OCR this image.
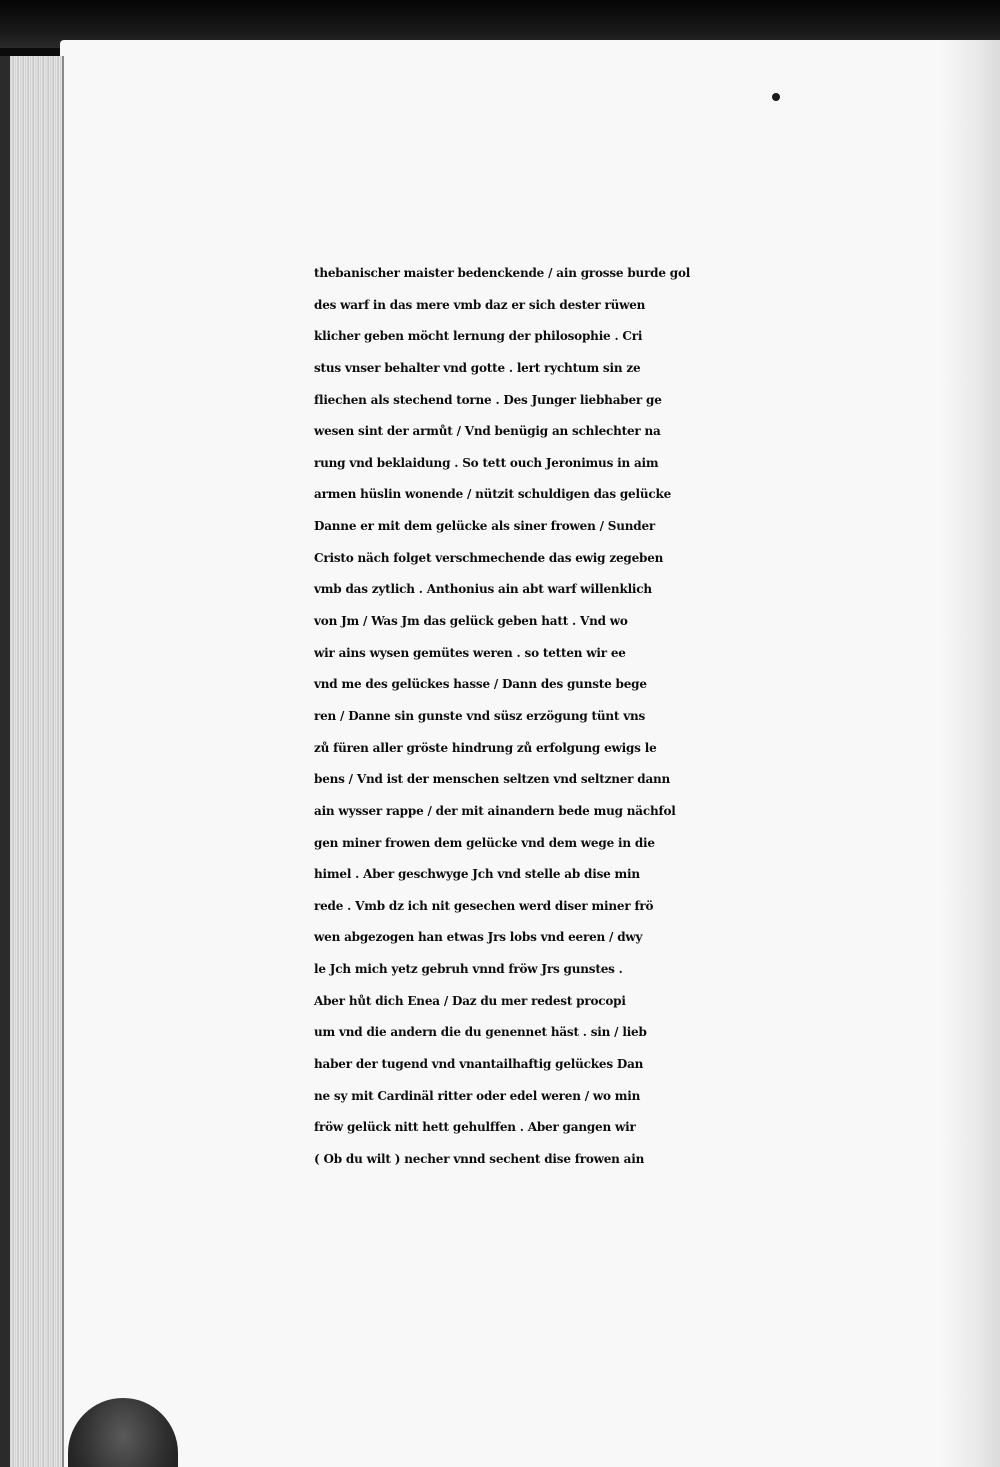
thebanischer maister bedenckende / ain grosse burde gol
des warf in das mere vmb daz er sich dester rüwen
klicher geben möcht lernung der philosophie . Cri
stus vnser behalter vnd gotte . lert rychtum sin ze
fliechen als stechend torne . Des Junger liebhaber ge
wesen sint der armůt / Vnd benügig an schlechter na
rung vnd beklaidung . So tett ouch Jeronimus in aim
armen hüslin wonende / nützit schuldigen das gelücke
Danne er mit dem gelücke als siner frowen / Sunder
Cristo näch folget verschmechende das ewig zegeben
vmb das zytlich . Anthonius ain abt warf willenklich
von Jm / Was Jm das gelück geben hatt . Vnd wo
wir ains wysen gemütes weren . so tetten wir ee
vnd me des gelückes hasse / Dann des gunste bege
ren / Danne sin gunste vnd süsz erzögung tünt vns
zů füren aller gröste hindrung zů erfolgung ewigs le
bens / Vnd ist der menschen seltzen vnd seltzner dann
ain wysser rappe / der mit ainandern bede mug nächfol
gen miner frowen dem gelücke vnd dem wege in die
himel . Aber geschwyge Jch vnd stelle ab dise min
rede . Vmb dz ich nit gesechen werd diser miner frö
wen abgezogen han etwas Jrs lobs vnd eeren / dwy
le Jch mich yetz gebruh vnnd fröw Jrs gunstes .
Aber hůt dich Enea / Daz du mer redest procopi
um vnd die andern die du genennet häst . sin / lieb
haber der tugend vnd vnantailhaftig gelückes Dan
ne sy mit Cardinäl ritter oder edel weren / wo min
fröw gelück nitt hett gehulffen . Aber gangen wir
( Ob du wilt ) necher vnnd sechent dise frowen ain
